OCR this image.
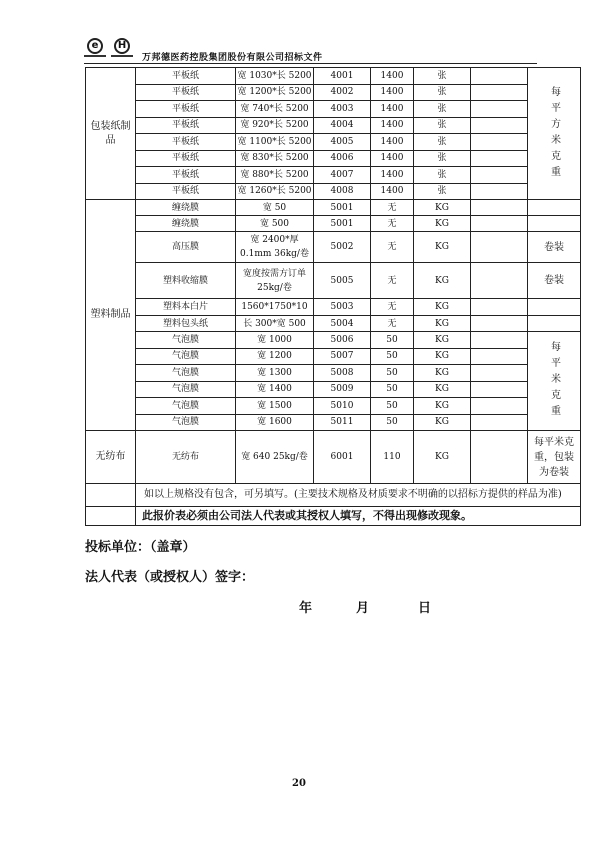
e	H
万邦德医药控股集团股份有限公司招标文件
包装纸制品	平板纸	宽 1030*长 5200	4001	1400	张		每平方米克重
	平板纸	宽 1200*长 5200	4002	1400	张		
	平板纸	宽 740*长 5200	4003	1400	张		
	平板纸	宽 920*长 5200	4004	1400	张		
	平板纸	宽 1100*长 5200	4005	1400	张		
	平板纸	宽 830*长 5200	4006	1400	张		
	平板纸	宽 880*长 5200	4007	1400	张		
	平板纸	宽 1260*长 5200	4008	1400	张		
塑料制品	缠绕膜	宽 50	5001	无	KG		
	缠绕膜	宽 500	5001	无	KG		
	高压膜	宽 2400*厚 0.1mm 36kg/卷	5002	无	KG		卷装
	塑料收缩膜	宽度按需方订单 25kg/卷	5005	无	KG		卷装
	塑料本白片	1560*1750*10	5003	无	KG		
	塑料包头纸	长 300*宽 500	5004	无	KG		
	气泡膜	宽 1000	5006	50	KG		每平米克重
	气泡膜	宽 1200	5007	50	KG		
	气泡膜	宽 1300	5008	50	KG		
	气泡膜	宽 1400	5009	50	KG		
	气泡膜	宽 1500	5010	50	KG		
	气泡膜	宽 1600	5011	50	KG		
无纺布	无纺布	宽 640 25kg/卷	6001	110	KG		每平米克重，包装为卷装
	如以上规格没有包含，可另填写。(主要技术规格及材质要求不明确的以招标方提供的样品为准)						
	此报价表必须由公司法人代表或其授权人填写，不得出现修改现象。						
投标单位：（盖章）
法人代表（或授权人）签字：
年	月	日
20
